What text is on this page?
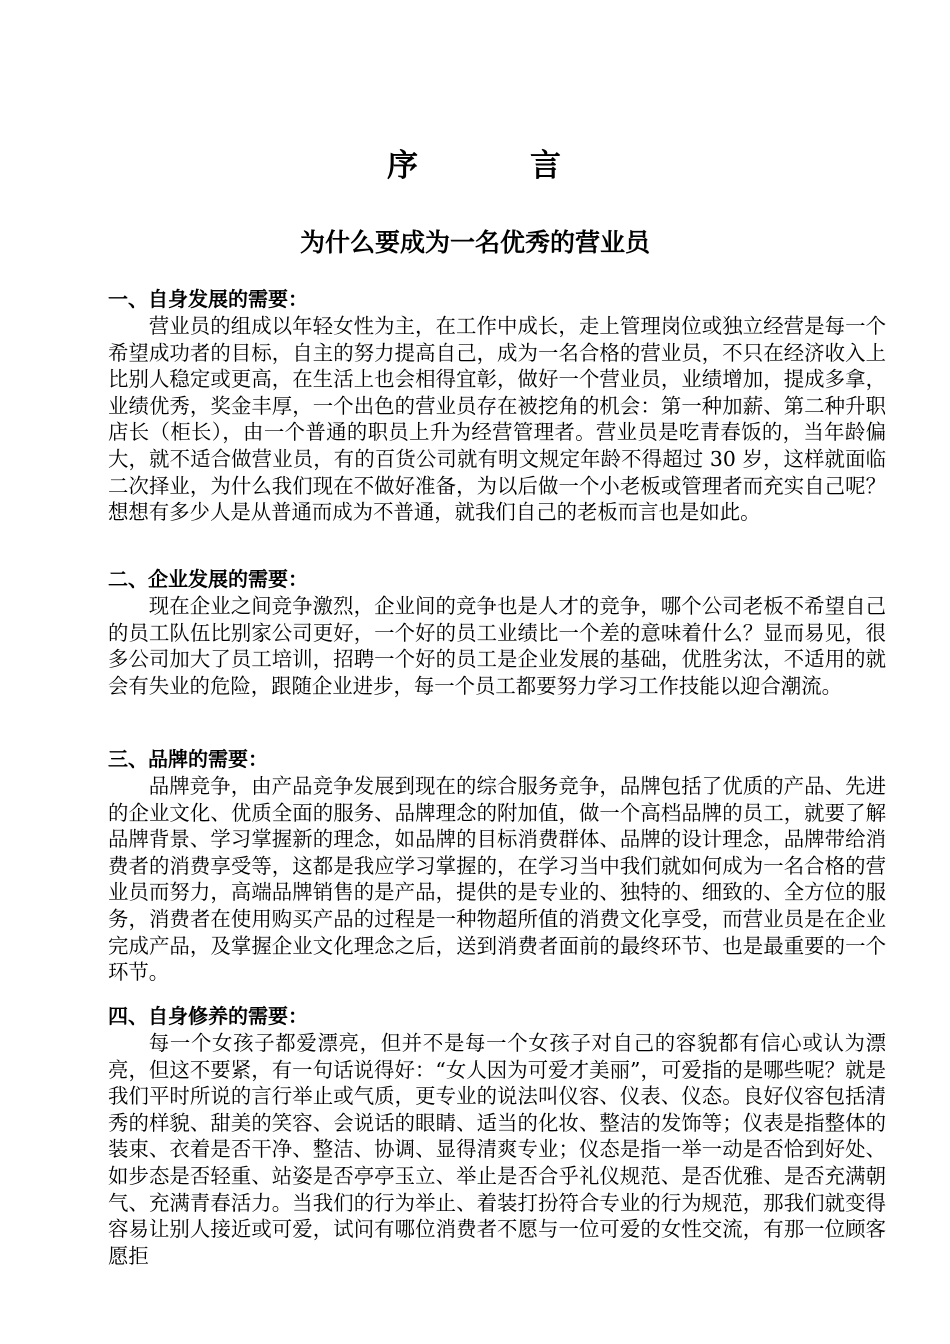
序	言
为什么要成为一名优秀的营业员
一、自身发展的需要：

营业员的组成以年轻女性为主，在工作中成长，走上管理岗位或独立经营是每一个希望成功者的目标，自主的努力提高自己，成为一名合格的营业员，不只在经济收入上比别人稳定或更高，在生活上也会相得宜彰，做好一个营业员，业绩增加，提成多拿，业绩优秀，奖金丰厚，一个出色的营业员存在被挖角的机会：第一种加薪、第二种升职店长（柜长），由一个普通的职员上升为经营管理者。营业员是吃青春饭的，当年龄偏大，就不适合做营业员，有的百货公司就有明文规定年龄不得超过 30 岁，这样就面临二次择业，为什么我们现在不做好准备，为以后做一个小老板或管理者而充实自己呢？想想有多少人是从普通而成为不普通，就我们自己的老板而言也是如此。

二、企业发展的需要：

现在企业之间竞争激烈，企业间的竞争也是人才的竞争，哪个公司老板不希望自己的员工队伍比别家公司更好，一个好的员工业绩比一个差的意味着什么？显而易见，很多公司加大了员工培训，招聘一个好的员工是企业发展的基础，优胜劣汰，不适用的就会有失业的危险，跟随企业进步，每一个员工都要努力学习工作技能以迎合潮流。

三、品牌的需要：

品牌竞争，由产品竞争发展到现在的综合服务竞争，品牌包括了优质的产品、先进的企业文化、优质全面的服务、品牌理念的附加值，做一个高档品牌的员工，就要了解品牌背景、学习掌握新的理念，如品牌的目标消费群体、品牌的设计理念，品牌带给消费者的消费享受等，这都是我应学习掌握的，在学习当中我们就如何成为一名合格的营业员而努力，高端品牌销售的是产品，提供的是专业的、独特的、细致的、全方位的服务，消费者在使用购买产品的过程是一种物超所值的消费文化享受，而营业员是在企业完成产品，及掌握企业文化理念之后，送到消费者面前的最终环节、也是最重要的一个环节。

四、自身修养的需要：

每一个女孩子都爱漂亮，但并不是每一个女孩子对自己的容貌都有信心或认为漂亮，但这不要紧，有一句话说得好：“女人因为可爱才美丽”，可爱指的是哪些呢？就是我们平时所说的言行举止或气质，更专业的说法叫仪容、仪表、仪态。良好仪容包括清秀的样貌、甜美的笑容、会说话的眼睛、适当的化妆、整洁的发饰等；仪表是指整体的装束、衣着是否干净、整洁、协调、显得清爽专业；仪态是指一举一动是否恰到好处、如步态是否轻重、站姿是否亭亭玉立、举止是否合乎礼仪规范、是否优雅、是否充满朝气、充满青春活力。当我们的行为举止、着装打扮符合专业的行为规范，那我们就变得容易让别人接近或可爱，试问有哪位消费者不愿与一位可爱的女性交流，有那一位顾客愿拒
